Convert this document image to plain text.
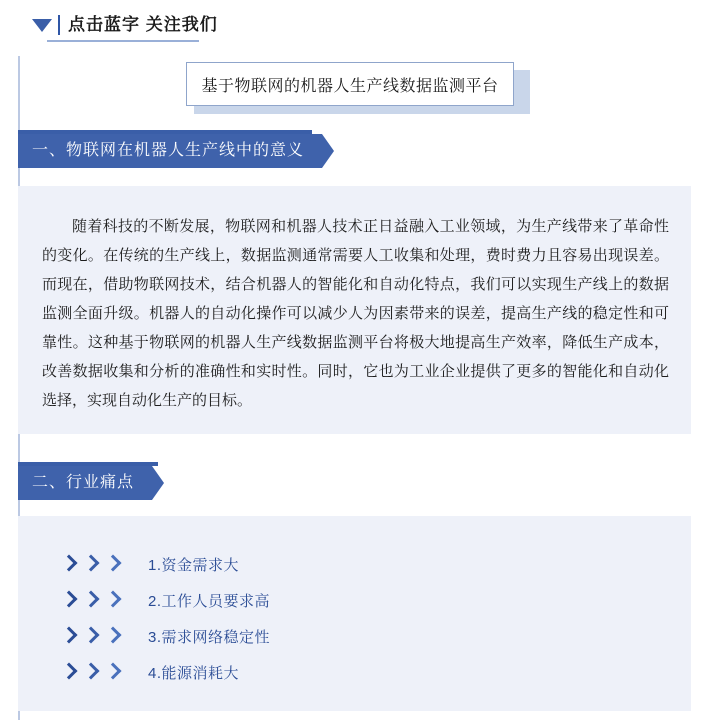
点击蓝字 关注我们
基于物联网的机器人生产线数据监测平台
一、物联网在机器人生产线中的意义

随着科技的不断发展，物联网和机器人技术正日益融入工业领域，为生产线带来了革命性的变化。在传统的生产线上，数据监测通常需要人工收集和处理，费时费力且容易出现误差。而现在，借助物联网技术，结合机器人的智能化和自动化特点，我们可以实现生产线上的数据监测全面升级。机器人的自动化操作可以减少人为因素带来的误差，提高生产线的稳定性和可靠性。这种基于物联网的机器人生产线数据监测平台将极大地提高生产效率，降低生产成本，改善数据收集和分析的准确性和实时性。同时，它也为工业企业提供了更多的智能化和自动化选择，实现自动化生产的目标。

二、行业痛点
1.资金需求大
2.工作人员要求高
3.需求网络稳定性
4.能源消耗大
